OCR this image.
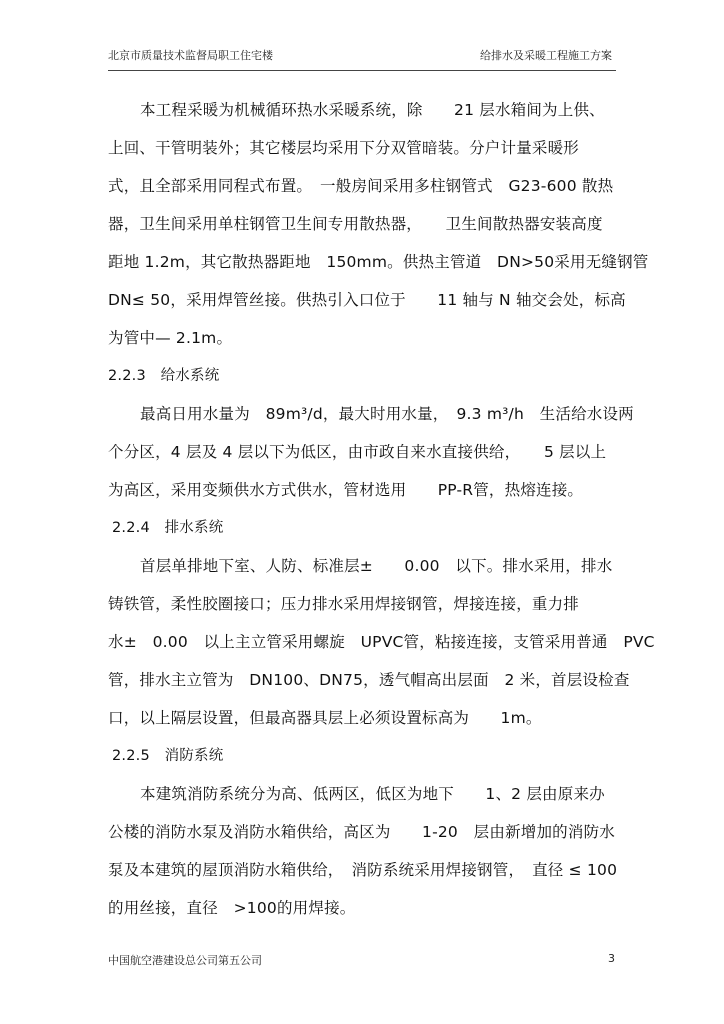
北京市质量技术监督局职工住宅楼	给排水及采暖工程施工方案
本工程采暖为机械循环热水采暖系统，除　　21 层水箱间为上供、
上回、干管明装外；其它楼层均采用下分双管暗装。分户计量采暖形
式，且全部采用同程式布置。　一般房间采用多柱钢管式　G23-600 散热
器，卫生间采用单柱钢管卫生间专用散热器，　　卫生间散热器安装高度
距地 1.2m，其它散热器距地　150mm。供热主管道　DN>50采用无缝钢管
DN≤ 50，采用焊管丝接。供热引入口位于　　11 轴与 N 轴交会处，标高
为管中— 2.1m。
2.2.3　给水系统
最高日用水量为　89m³/d，最大时用水量，　9.3 m³/h　生活给水设两
个分区，4 层及 4 层以下为低区，由市政自来水直接供给，　　5 层以上
为高区，采用变频供水方式供水，管材选用　　PP-R管，热熔连接。
2.2.4　排水系统
首层单排地下室、人防、标准层±　　0.00　以下。排水采用，排水
铸铁管，柔性胶圈接口；压力排水采用焊接钢管，焊接连接，重力排
水±　0.00　以上主立管采用螺旋　UPVC管，粘接连接，支管采用普通　PVC
管，排水主立管为　DN100、DN75，透气帽高出层面　2 米，首层设检查
口，以上隔层设置，但最高器具层上必须设置标高为　　1m。
2.2.5　消防系统
本建筑消防系统分为高、低两区，低区为地下　　1、2 层由原来办
公楼的消防水泵及消防水箱供给，高区为　　1-20　层由新增加的消防水
泵及本建筑的屋顶消防水箱供给，　消防系统采用焊接钢管，　直径 ≤ 100
的用丝接，直径　>100的用焊接。
中国航空港建设总公司第五公司	3
